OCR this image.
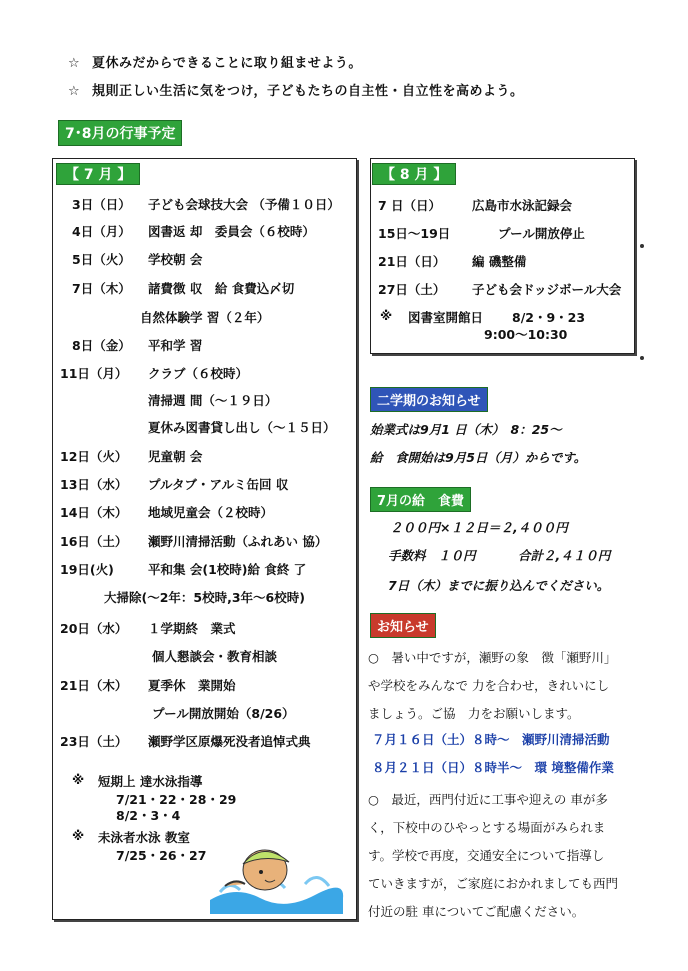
☆ 夏休みだからできることに取り組ませよう。
☆ 規則正しい生活に気をつけ，子どもたちの自主性・自立性を高めよう。
7･8月の行事予定
【 7 月 】
3日（日） 子ども会球技大会 （予備１０日）
4日（月） 図書返 却　委員会（６校時）
5日（火） 学校朝 会
7日（木） 諸費徴 収　給 食費込〆切
自然体験学 習（２年）
8日（金） 平和学 習
11日（月） クラブ（６校時）
清掃週 間（～１９日）
夏休み図書貸し出し（～１５日）
12日（火） 児童朝 会
13日（水） プルタブ・アルミ缶回 収
14日（木） 地域児童会（２校時）
16日（土） 瀬野川清掃活動（ふれあい 協）
19日(火)	平和集 会(1校時)給 食終 了
大掃除(～2年：5校時,3年～6校時)
20日（水） １学期終　業式
個人懇談会・教育相談
21日（木） 夏季休　業開始
プール開放開始（8/26）
23日（土） 瀬野学区原爆死没者追悼式典
※ 短期上 達水泳指導
7/21・22・28・29
8/2・3・4
※ 未泳者水泳 教室
7/25・26・27
【 8 月 】
7 日（日） 広島市水泳記録会
15日～19日	プール開放停止
21日（日） 編 磯整備
27日（土） 子ども会ドッジボール大会
※ 図書室開館日 8/2・9・23
9:00～10:30
二学期のお知らせ
始業式は9月1 日（木）　8：25～
給　食開始は9月5日（月）からです。
7月の給　食費
２００円×１２日＝２,４００円
手数料　１０円	合計２,４１０円
7日（木）までに振り込んでください。
お知らせ
○　暑い中ですが，瀬野の象　徴「瀬野川」
や学校をみんなで 力を合わせ，きれいにし
ましょう。ご協　力をお願いします。
７月１６日（土）８時～　瀬野川清掃活動
８月２１日（日）８時半～　環 境整備作業
○　最近，西門付近に工事や迎えの 車が多
く，下校中のひやっとする場面がみられま
す。学校で再度，交通安全について指導し
ていきますが，ご家庭におかれましても西門
付近の駐 車についてご配慮ください。
